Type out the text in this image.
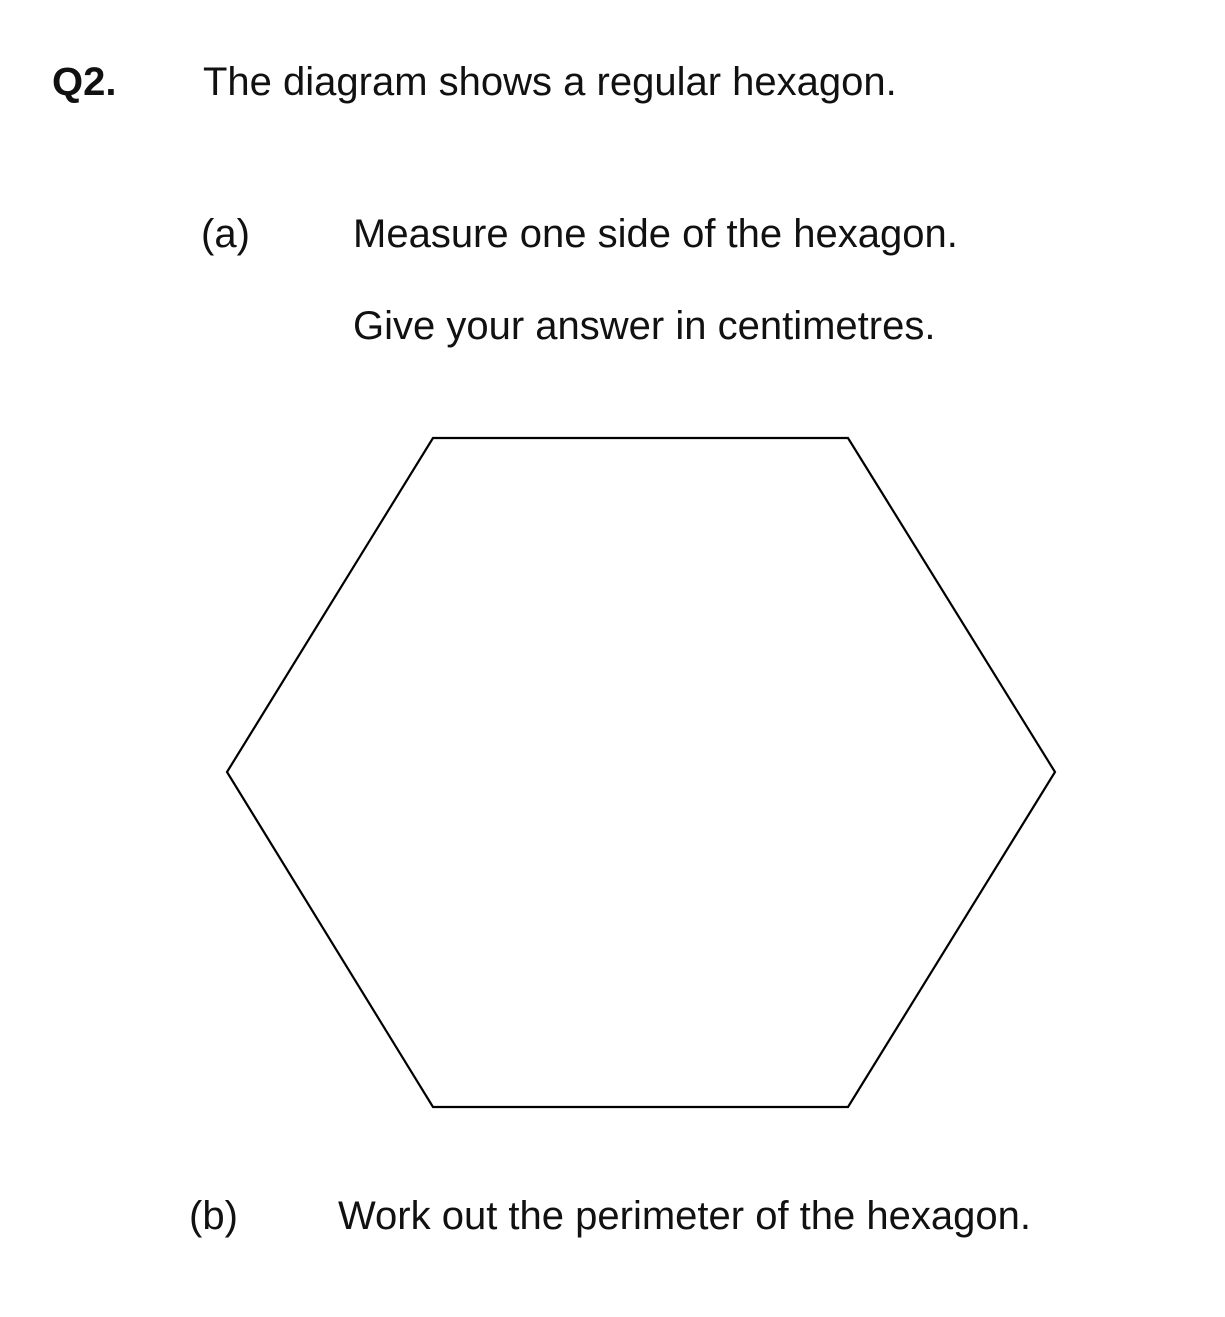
Q2. The diagram shows a regular hexagon.
(a)	Measure one side of the hexagon.
Give your answer in centimetres.
(b)	Work out the perimeter of the hexagon.
